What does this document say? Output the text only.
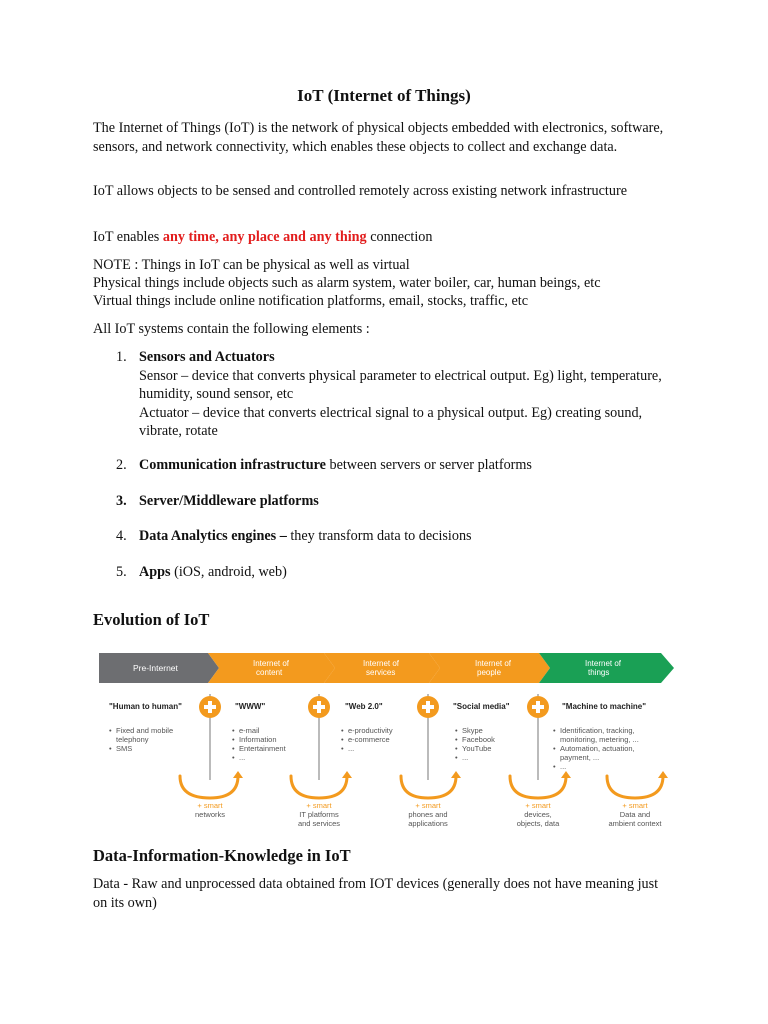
IoT (Internet of Things)
The Internet of Things (IoT) is the network of physical objects embedded with electronics, software, sensors, and network connectivity, which enables these objects to collect and exchange data.
IoT allows objects to be sensed and controlled remotely across existing network infrastructure
IoT enables any time, any place and any thing connection
NOTE : Things in IoT can be physical as well as virtual
Physical things include objects such as alarm system, water boiler, car, human beings, etc
Virtual things include online notification platforms, email, stocks, traffic, etc
All IoT systems contain the following elements :
1. Sensors and Actuators
Sensor – device that converts physical parameter to electrical output. Eg) light, temperature, humidity, sound sensor, etc
Actuator – device that converts electrical signal to a physical output. Eg) creating sound, vibrate, rotate
2. Communication infrastructure between servers or server platforms
3. Server/Middleware platforms
4. Data Analytics engines – they transform data to decisions
5. Apps (iOS, android, web)
Evolution of IoT
Pre-Internet	Internet of
content
Internet of
services
Internet of
people
Internet of
things
"Human to human"	"WWW"	"Web 2.0"	"Social media"	"Machine to machine"
• Fixed and mobile
telephony
• SMS
• e-mail
• Information
• Entertainment
• ...
• e-productivity
• e-commerce
• ...
• Skype
• Facebook
• YouTube
• ...
• Identification, tracking,
monitoring, metering, ...
• Automation, actuation,
payment, ...
• ...
+ smart
networks
+ smart
IT platforms
and services
+ smart
phones and
applications
+ smart
devices,
objects, data
+ smart
Data and
ambient context
Data-Information-Knowledge in IoT
Data - Raw and unprocessed data obtained from IOT devices (generally does not have meaning just on its own)
